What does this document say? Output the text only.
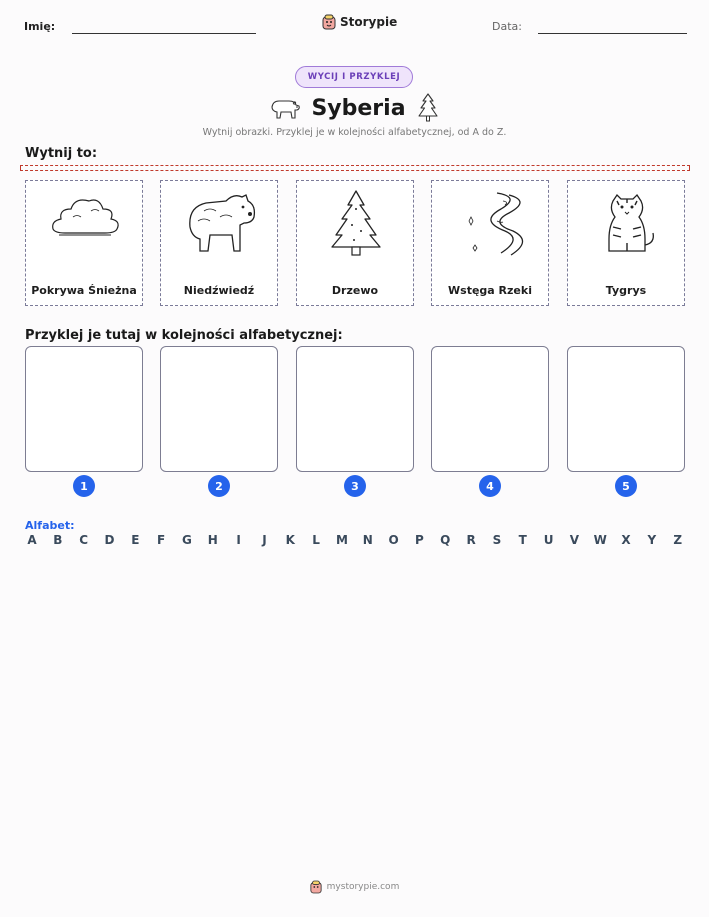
Imię:	Storypie	Data:
WYCIJ I PRZYKLEJ
Syberia
Wytnij obrazki. Przyklej je w kolejności alfabetycznej, od A do Z.
Wytnij to:
Pokrywa Śnieżna	Niedźwiedź	Drzewo	Wstęga Rzeki	Tygrys
Przyklej je tutaj w kolejności alfabetycznej:
1	2	3	4	5
Alfabet:
A B C D E F G H	I	J	K L M N O P Q R S T U V W X Y Z
mystorypie.com
